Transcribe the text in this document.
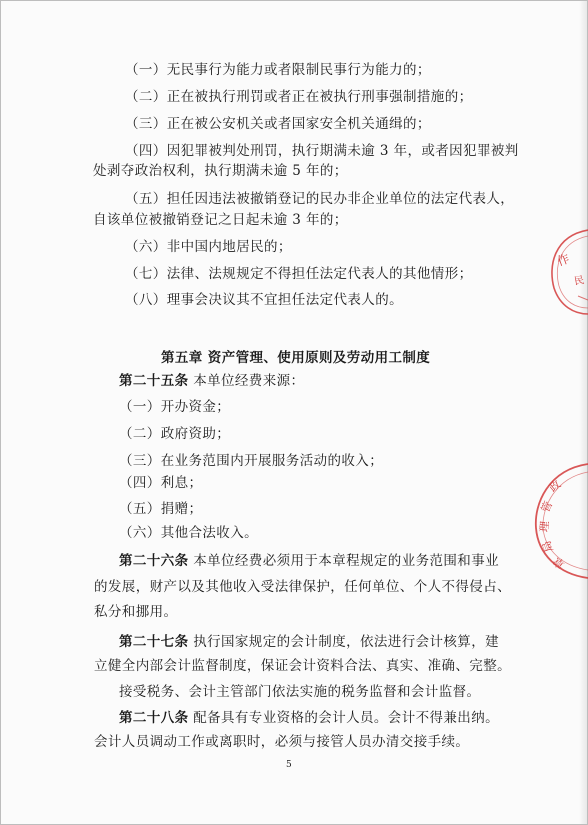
（一）无民事行为能力或者限制民事行为能力的；
（二）正在被执行刑罚或者正在被执行刑事强制措施的；
（三）正在被公安机关或者国家安全机关通缉的；
（四）因犯罪被判处刑罚，执行期满未逾 3 年，或者因犯罪被判
处剥夺政治权利，执行期满未逾 5 年的；
（五）担任因违法被撤销登记的民办非企业单位的法定代表人，
自该单位被撤销登记之日起未逾 3 年的；
（六）非中国内地居民的；
（七）法律、法规规定不得担任法定代表人的其他情形；
（八）理事会决议其不宜担任法定代表人的。
第五章 资产管理、使用原则及劳动用工制度
第二十五条 本单位经费来源：
（一）开办资金；
（二）政府资助；
（三）在业务范围内开展服务活动的收入；
（四）利息；
（五）捐赠；
（六）其他合法收入。
第二十六条 本单位经费必须用于本章程规定的业务范围和事业
的发展，财产以及其他收入受法律保护，任何单位、个人不得侵占、
私分和挪用。
第二十七条 执行国家规定的会计制度，依法进行会计核算，建
立健全内部会计监督制度，保证会计资料合法、真实、准确、完整。
接受税务、会计主管部门依法实施的税务监督和会计监督。
第二十八条 配备具有专业资格的会计人员。会计不得兼出纳。
会计人员调动工作或离职时，必须与接管人员办清交接手续。
5
作
民
政
管
理
局
章
